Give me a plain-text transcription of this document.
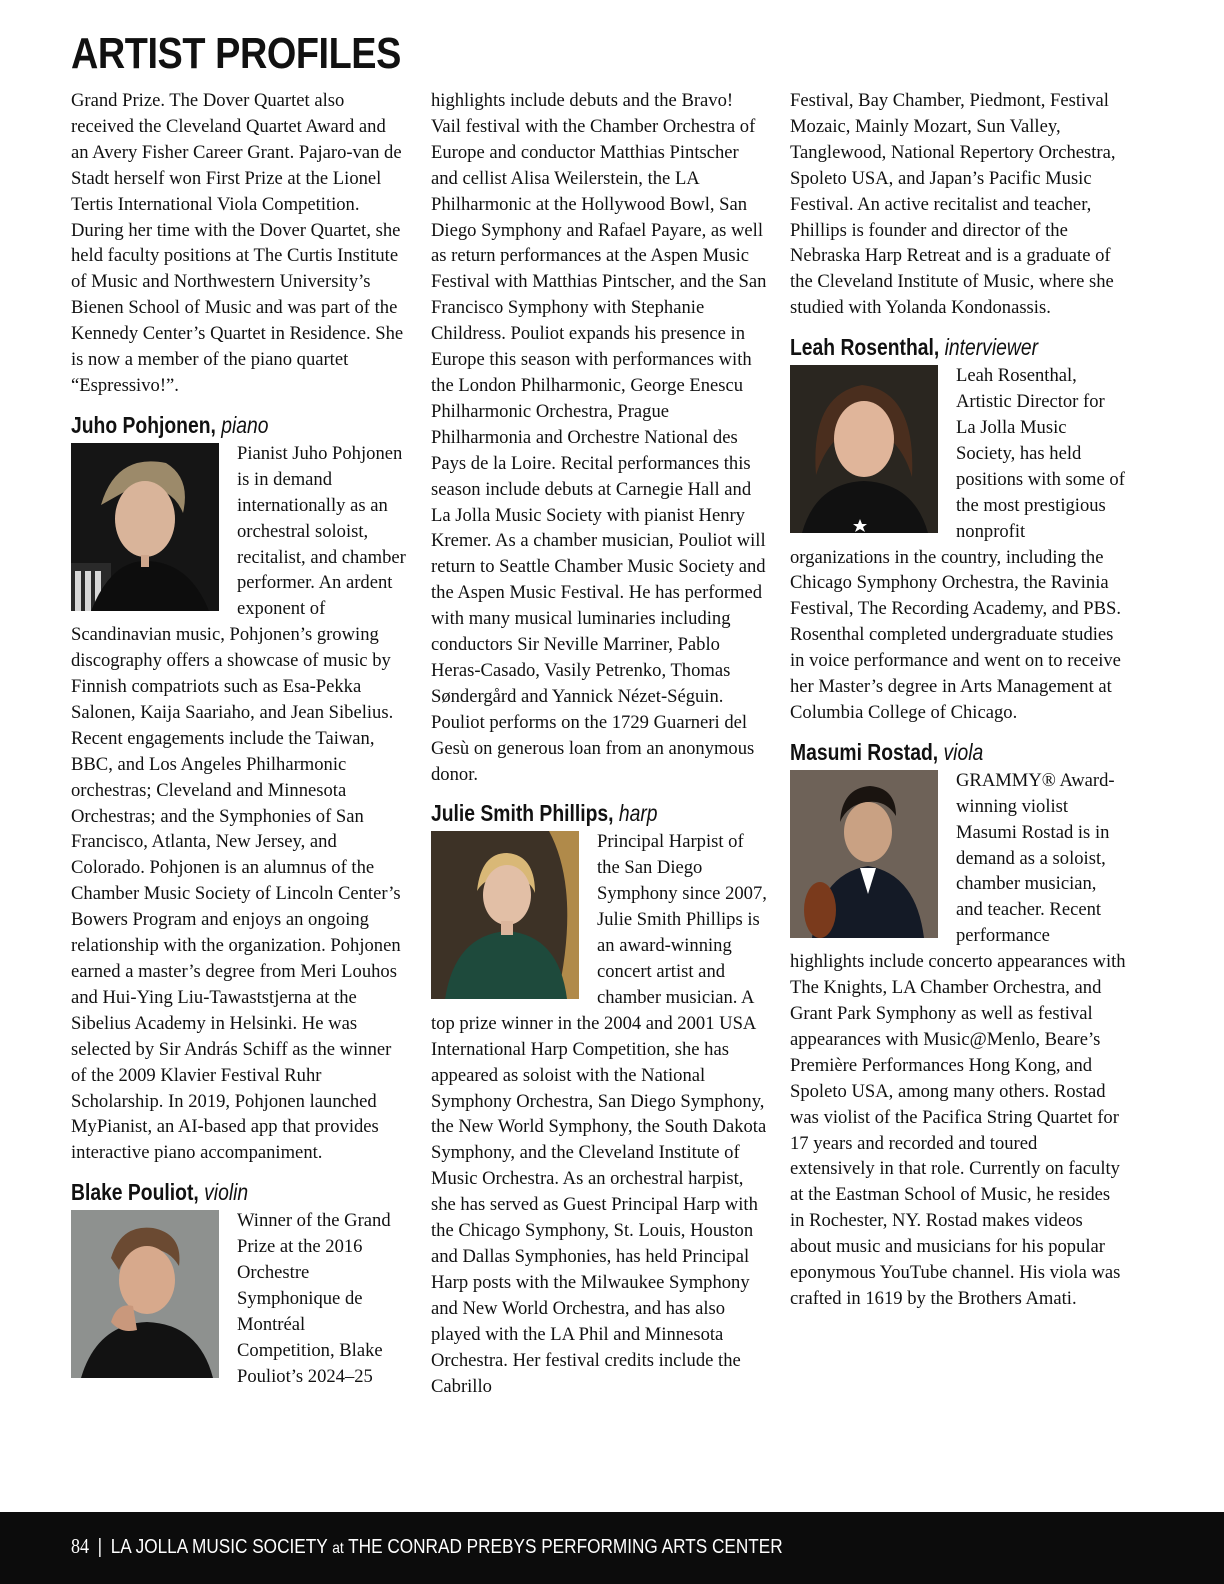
ARTIST PROFILES

Grand Prize. The Dover Quartet also received the Cleveland Quartet Award and an Avery Fisher Career Grant. Pajaro-van de Stadt herself won First Prize at the Lionel Tertis International Viola Competition. During her time with the Dover Quartet, she held faculty positions at The Curtis Institute of Music and Northwestern University’s Bienen School of Music and was part of the Kennedy Center’s Quartet in Residence. She is now a member of the piano quartet “Espressivo!”.

Juho Pohjonen, piano

Pianist Juho Pohjonen is in demand internationally as an orchestral soloist, recitalist, and chamber performer. An ardent exponent of Scandinavian music, Pohjonen’s growing discography offers a showcase of music by Finnish compatriots such as Esa-Pekka Salonen, Kaija Saariaho, and Jean Sibelius. Recent engagements include the Taiwan, BBC, and Los Angeles Philharmonic orchestras; Cleveland and Minnesota Orchestras; and the Symphonies of San Francisco, Atlanta, New Jersey, and Colorado. Pohjonen is an alumnus of the Chamber Music Society of Lincoln Center’s Bowers Program and enjoys an ongoing relationship with the organization. Pohjonen earned a master’s degree from Meri Louhos and Hui-Ying Liu-Tawaststjerna at the Sibelius Academy in Helsinki. He was selected by Sir András Schiff as the winner of the 2009 Klavier Festival Ruhr Scholarship. In 2019, Pohjonen launched MyPianist, an AI-based app that provides interactive piano accompaniment.

Blake Pouliot, violin

Winner of the Grand Prize at the 2016 Orchestre Symphonique de Montréal Competition, Blake Pouliot’s 2024–25

highlights include debuts and the Bravo! Vail festival with the Chamber Orchestra of Europe and conductor Matthias Pintscher and cellist Alisa Weilerstein, the LA Philharmonic at the Hollywood Bowl, San Diego Symphony and Rafael Payare, as well as return performances at the Aspen Music Festival with Matthias Pintscher, and the San Francisco Symphony with Stephanie Childress. Pouliot expands his presence in Europe this season with performances with the London Philharmonic, George Enescu Philharmonic Orchestra, Prague Philharmonia and Orchestre National des Pays de la Loire. Recital performances this season include debuts at Carnegie Hall and La Jolla Music Society with pianist Henry Kremer. As a chamber musician, Pouliot will return to Seattle Chamber Music Society and the Aspen Music Festival. He has performed with many musical luminaries including conductors Sir Neville Marriner, Pablo Heras-Casado, Vasily Petrenko, Thomas Søndergård and Yannick Nézet-Séguin. Pouliot performs on the 1729 Guarneri del Gesù on generous loan from an anonymous donor.

Julie Smith Phillips, harp

Principal Harpist of the San Diego Symphony since 2007, Julie Smith Phillips is an award-winning concert artist and chamber musician. A top prize winner in the 2004 and 2001 USA International Harp Competition, she has appeared as soloist with the National Symphony Orchestra, San Diego Symphony, the New World Symphony, the South Dakota Symphony, and the Cleveland Institute of Music Orchestra. As an orchestral harpist, she has served as Guest Principal Harp with the Chicago Symphony, St. Louis, Houston and Dallas Symphonies, has held Principal Harp posts with the Milwaukee Symphony and New World Orchestra, and has also played with the LA Phil and Minnesota Orchestra. Her festival credits include the Cabrillo

Festival, Bay Chamber, Piedmont, Festival Mozaic, Mainly Mozart, Sun Valley, Tanglewood, National Repertory Orchestra, Spoleto USA, and Japan’s Pacific Music Festival. An active recitalist and teacher, Phillips is founder and director of the Nebraska Harp Retreat and is a graduate of the Cleveland Institute of Music, where she studied with Yolanda Kondonassis.

Leah Rosenthal, interviewer

Leah Rosenthal, Artistic Director for La Jolla Music Society, has held positions with some of the most prestigious nonprofit organizations in the country, including the Chicago Symphony Orchestra, the Ravinia Festival, The Recording Academy, and PBS. Rosenthal completed undergraduate studies in voice performance and went on to receive her Master’s degree in Arts Management at Columbia College of Chicago.

Masumi Rostad, viola

GRAMMY® Award-winning violist Masumi Rostad is in demand as a soloist, chamber musician, and teacher. Recent performance highlights include concerto appearances with The Knights, LA Chamber Orchestra, and Grant Park Symphony as well as festival appearances with Music@Menlo, Beare’s Première Performances Hong Kong, and Spoleto USA, among many others. Rostad was violist of the Pacifica String Quartet for 17 years and recorded and toured extensively in that role. Currently on faculty at the Eastman School of Music, he resides in Rochester, NY. Rostad makes videos about music and musicians for his popular eponymous YouTube channel. His viola was crafted in 1619 by the Brothers Amati.

84 | LA JOLLA MUSIC SOCIETY at THE CONRAD PREBYS PERFORMING ARTS CENTER
